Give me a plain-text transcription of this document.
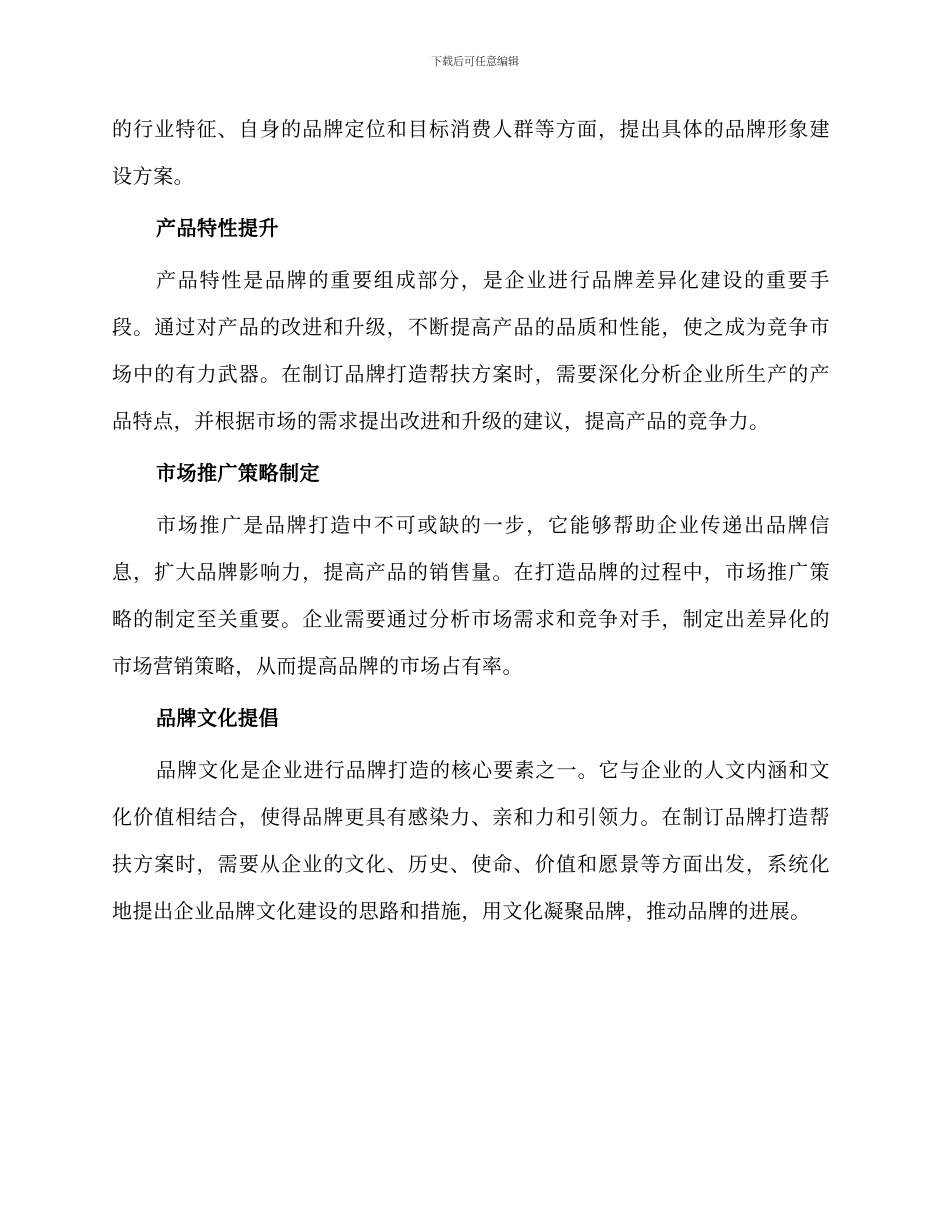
下载后可任意编辑

的行业特征、自身的品牌定位和目标消费人群等方面，提出具体的品牌形象建设方案。

产品特性提升

产品特性是品牌的重要组成部分，是企业进行品牌差异化建设的重要手段。通过对产品的改进和升级，不断提高产品的品质和性能，使之成为竞争市场中的有力武器。在制订品牌打造帮扶方案时，需要深化分析企业所生产的产品特点，并根据市场的需求提出改进和升级的建议，提高产品的竞争力。

市场推广策略制定

市场推广是品牌打造中不可或缺的一步，它能够帮助企业传递出品牌信息，扩大品牌影响力，提高产品的销售量。在打造品牌的过程中，市场推广策略的制定至关重要。企业需要通过分析市场需求和竞争对手，制定出差异化的市场营销策略，从而提高品牌的市场占有率。

品牌文化提倡

品牌文化是企业进行品牌打造的核心要素之一。它与企业的人文内涵和文化价值相结合，使得品牌更具有感染力、亲和力和引领力。在制订品牌打造帮扶方案时，需要从企业的文化、历史、使命、价值和愿景等方面出发，系统化地提出企业品牌文化建设的思路和措施，用文化凝聚品牌，推动品牌的进展。
